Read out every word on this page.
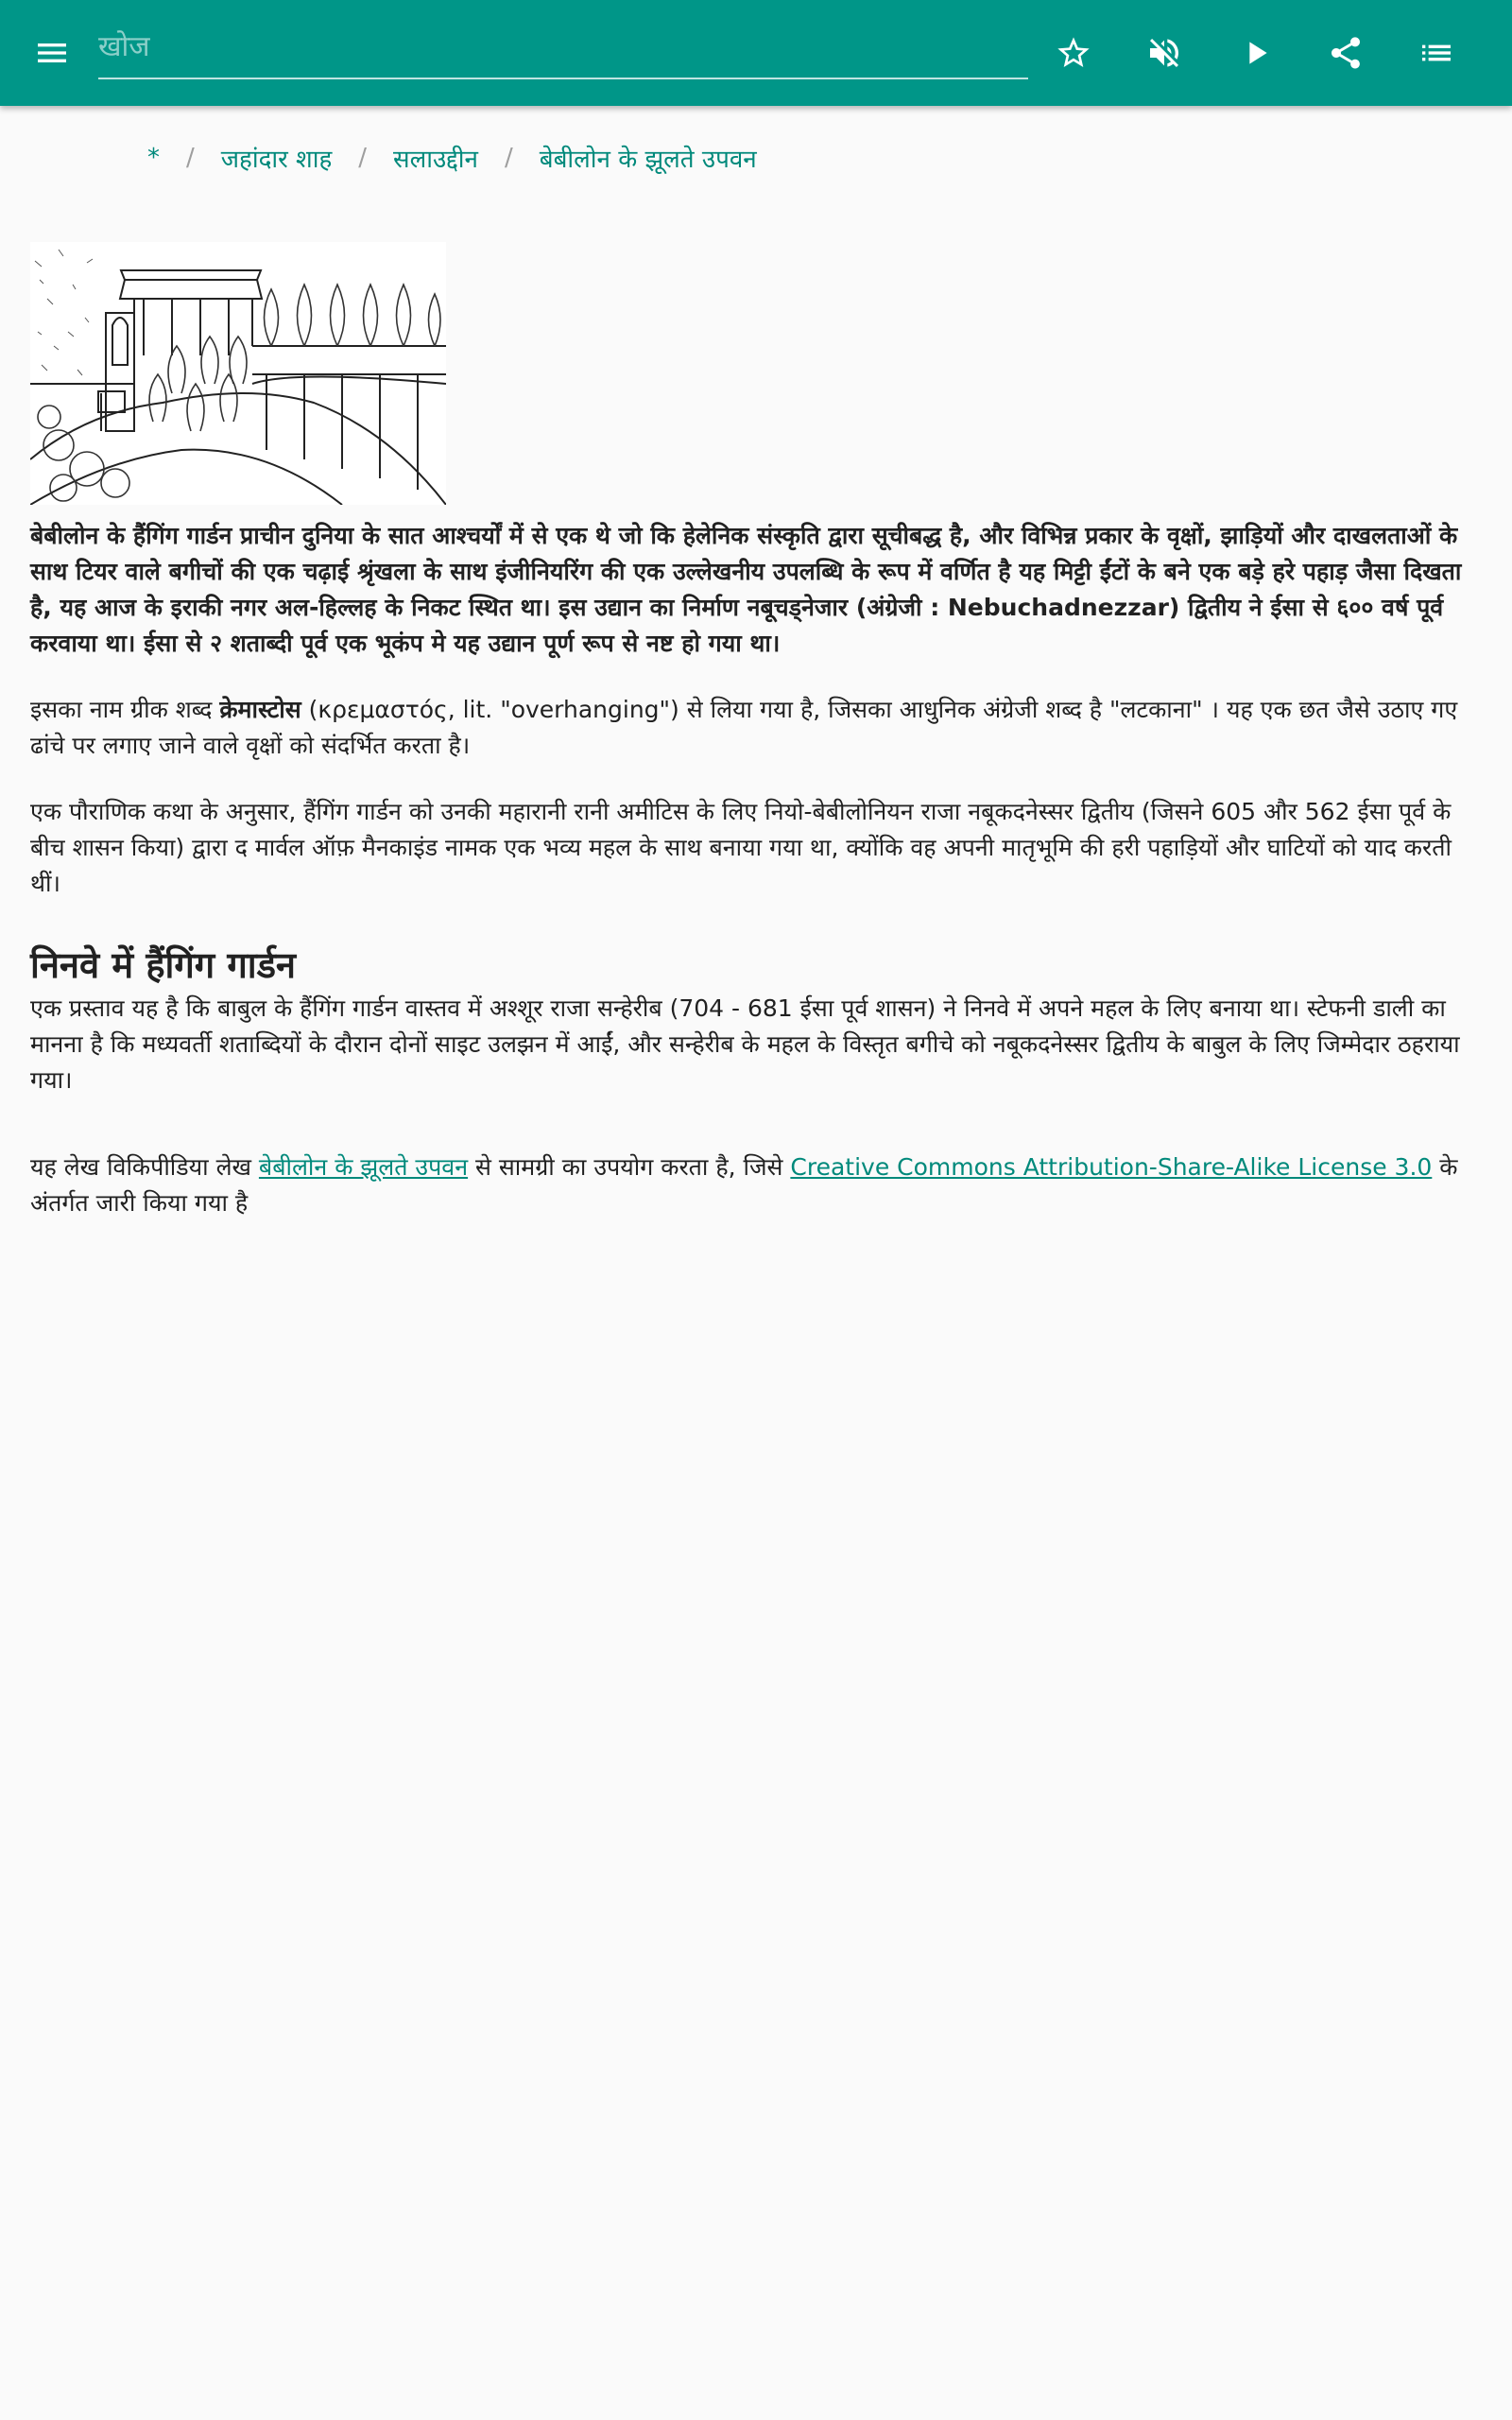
खोज
* / जहांदार शाह / सलाउद्दीन / बेबीलोन के झूलते उपवन

बेबीलोन के हैंगिंग गार्डन प्राचीन दुनिया के सात आश्चर्यों में से एक थे जो कि हेलेनिक संस्कृति द्वारा सूचीबद्ध है, और विभिन्न प्रकार के वृक्षों, झाड़ियों और दाखलताओं के साथ टियर वाले बगीचों की एक चढ़ाई श्रृंखला के साथ इंजीनियरिंग की एक उल्लेखनीय उपलब्धि के रूप में वर्णित है यह मिट्टी ईंटों के बने एक बड़े हरे पहाड़ जैसा दिखता है, यह आज के इराकी नगर अल-हिल्लह के निकट स्थित था। इस उद्यान का निर्माण नबूचड्नेजार (अंग्रेजी : Nebuchadnezzar) द्वितीय ने ईसा से ६०० वर्ष पूर्व करवाया था। ईसा से २ शताब्दी पूर्व एक भूकंप मे यह उद्यान पूर्ण रूप से नष्ट हो गया था।

इसका नाम ग्रीक शब्द क्रेमास्टोस (κρεμαστός, lit. "overhanging") से लिया गया है, जिसका आधुनिक अंग्रेजी शब्द है "लटकाना" । यह एक छत जैसे उठाए गए ढांचे पर लगाए जाने वाले वृक्षों को संदर्भित करता है।

एक पौराणिक कथा के अनुसार, हैंगिंग गार्डन को उनकी महारानी रानी अमीटिस के लिए नियो-बेबीलोनियन राजा नबूकदनेस्सर द्वितीय (जिसने 605 और 562 ईसा पूर्व के बीच शासन किया) द्वारा द मार्वल ऑफ़ मैनकाइंड नामक एक भव्य महल के साथ बनाया गया था, क्योंकि वह अपनी मातृभूमि की हरी पहाड़ियों और घाटियों को याद करती थीं।

निनवे में हैंगिंग गार्डन

एक प्रस्ताव यह है कि बाबुल के हैंगिंग गार्डन वास्तव में अश्शूर राजा सन्हेरीब (704 - 681 ईसा पूर्व शासन) ने निनवे में अपने महल के लिए बनाया था। स्टेफनी डाली का मानना है कि मध्यवर्ती शताब्दियों के दौरान दोनों साइट उलझन में आईं, और सन्हेरीब के महल के विस्तृत बगीचे को नबूकदनेस्सर द्वितीय के बाबुल के लिए जिम्मेदार ठहराया गया।

यह लेख विकिपीडिया लेख बेबीलोन के झूलते उपवन से सामग्री का उपयोग करता है, जिसे Creative Commons Attribution-Share-Alike License 3.0 के अंतर्गत जारी किया गया है
